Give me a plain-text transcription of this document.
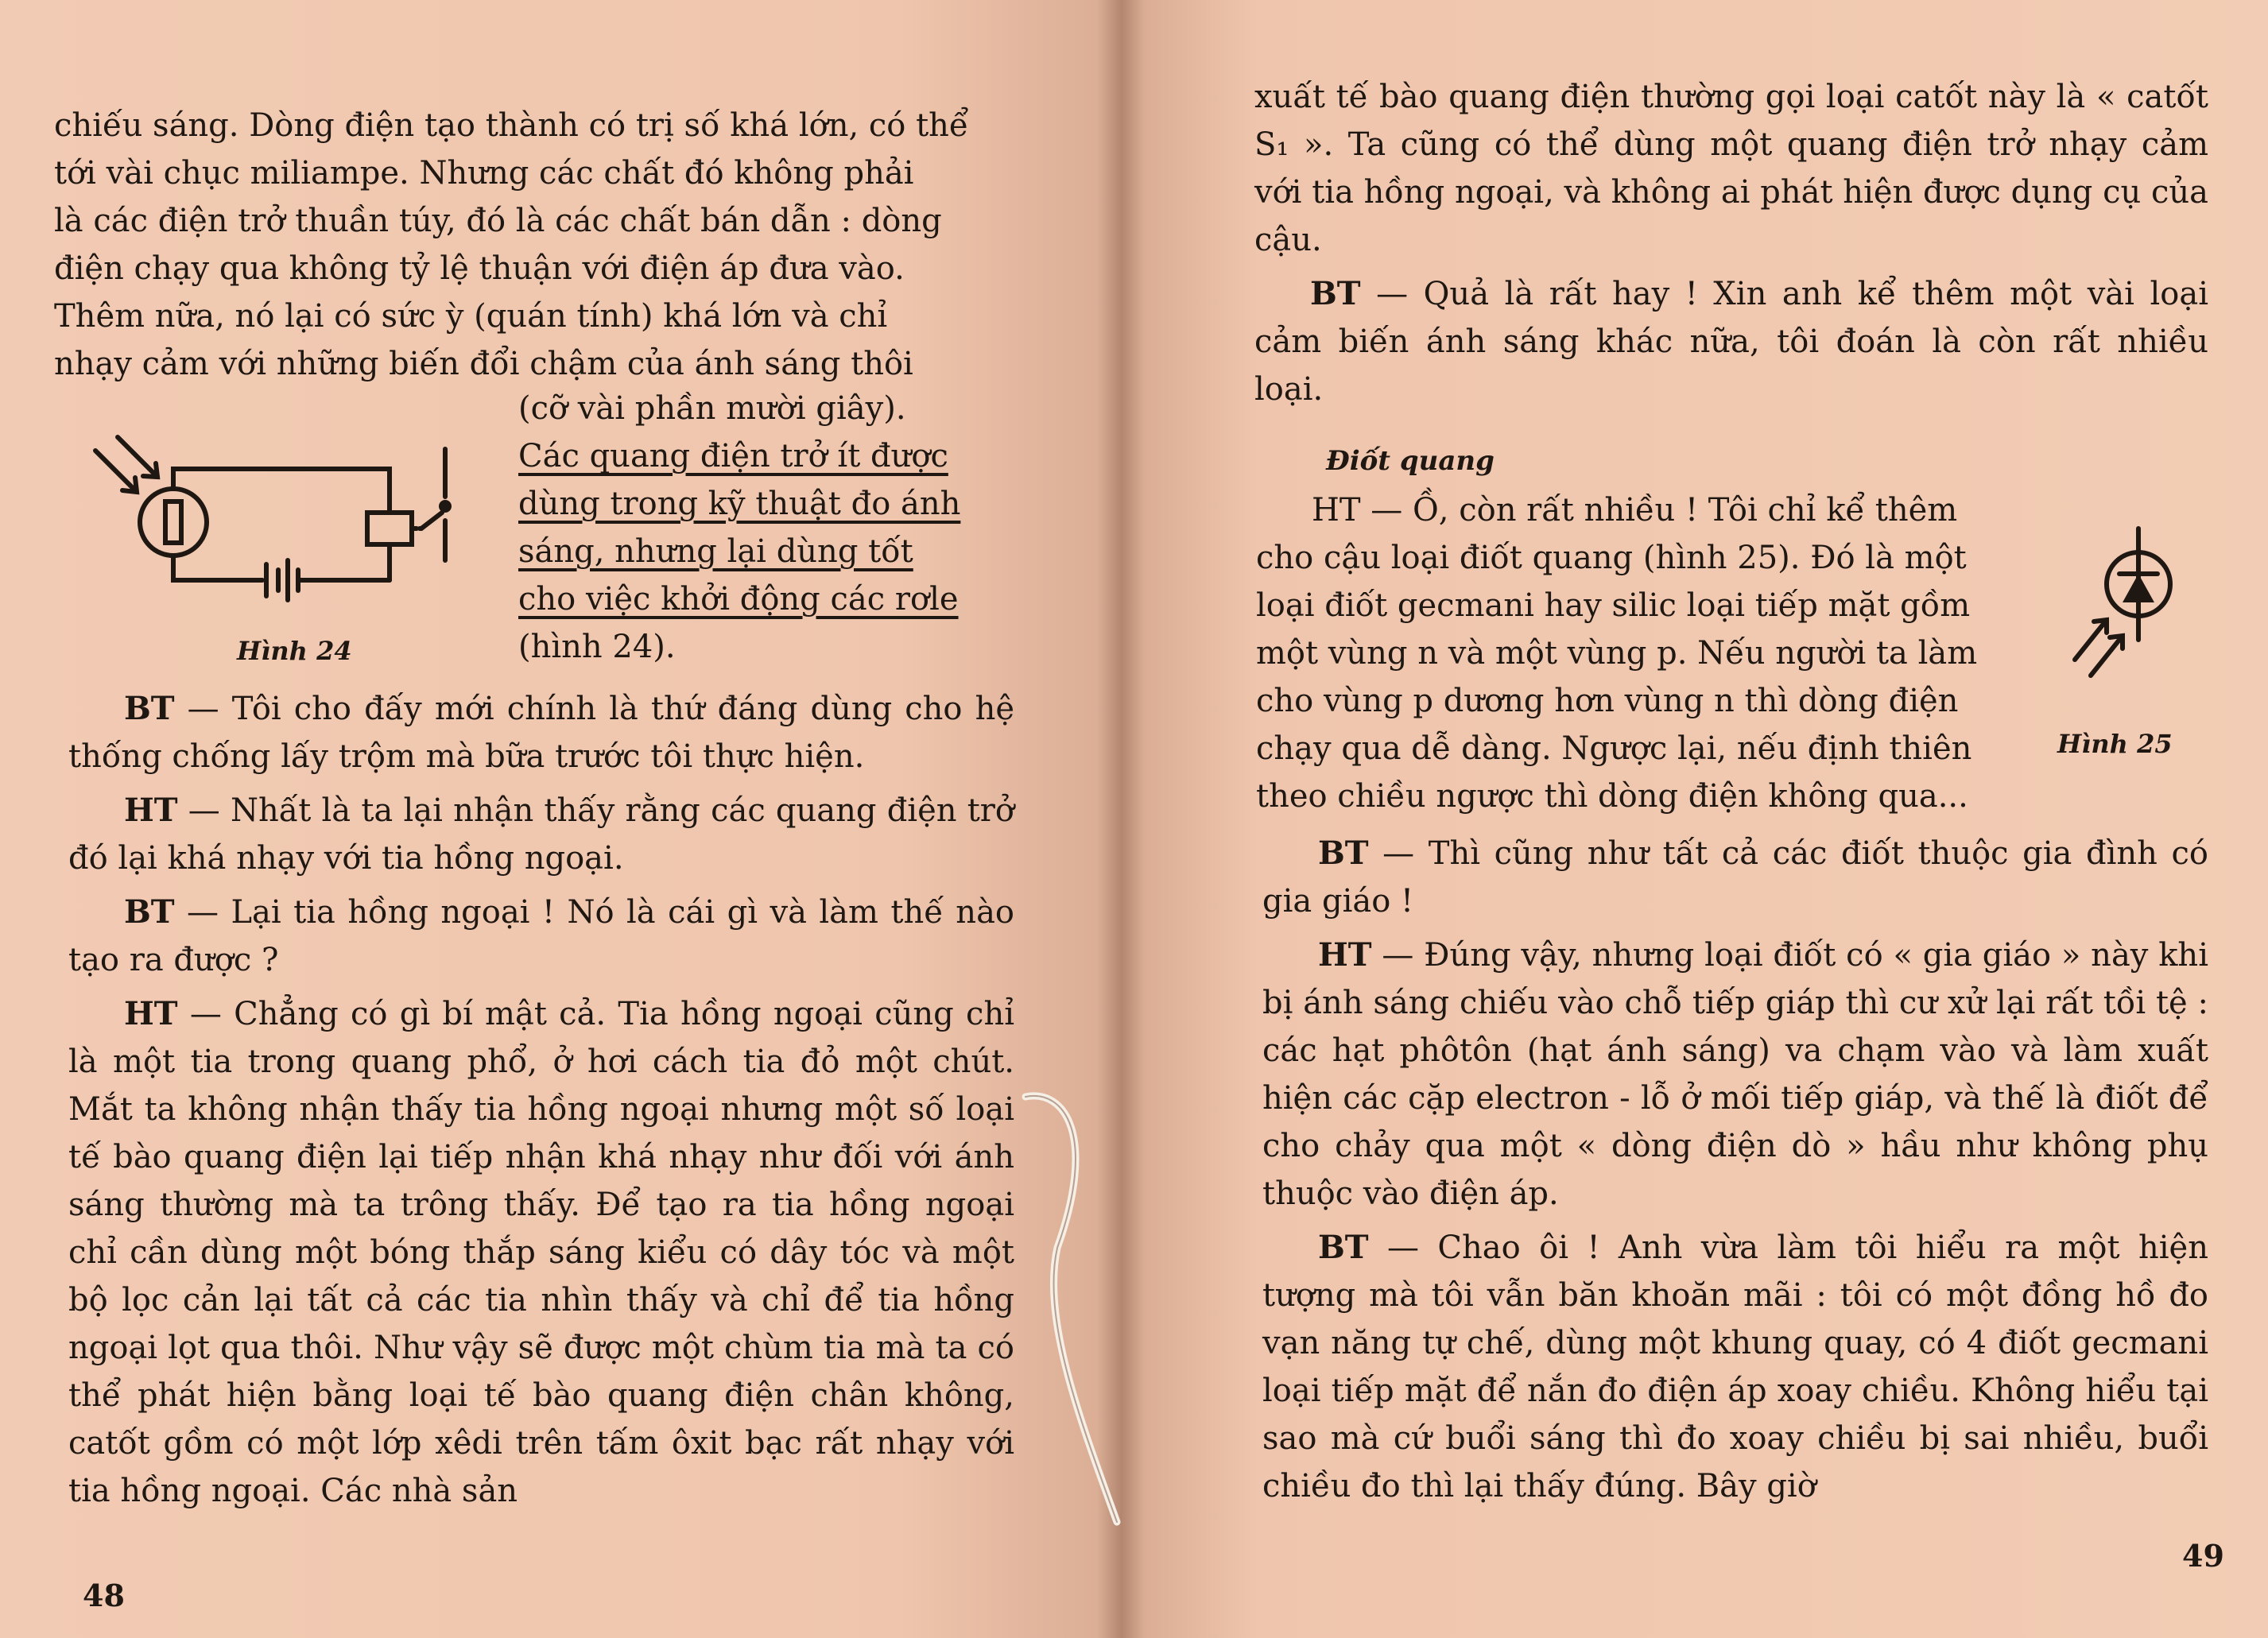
chiếu sáng. Dòng điện tạo thành có trị số khá lớn, có thể

tới vài chục miliampe. Nhưng các chất đó không phải

là các điện trở thuần túy, đó là các chất bán dẫn : dòng

điện chạy qua không tỷ lệ thuận với điện áp đưa vào.

Thêm nữa, nó lại có sức ỳ (quán tính) khá lớn và chỉ

nhạy cảm với những biến đổi chậm của ánh sáng thôi

Hình 24

(cỡ vài phần mười giây).

Các quang điện trở ít được

dùng trong kỹ thuật đo ánh

sáng, nhưng lại dùng tốt

cho việc khởi động các rơle

(hình 24).

BT — Tôi cho đấy mới chính là thứ đáng dùng cho hệ thống chống lấy trộm mà bữa trước tôi thực hiện.

HT — Nhất là ta lại nhận thấy rằng các quang điện trở đó lại khá nhạy với tia hồng ngoại.

BT — Lại tia hồng ngoại ! Nó là cái gì và làm thế nào tạo ra được ?

HT — Chẳng có gì bí mật cả. Tia hồng ngoại cũng chỉ là một tia trong quang phổ, ở hơi cách tia đỏ một chút. Mắt ta không nhận thấy tia hồng ngoại nhưng một số loại tế bào quang điện lại tiếp nhận khá nhạy như đối với ánh sáng thường mà ta trông thấy. Để tạo ra tia hồng ngoại chỉ cần dùng một bóng thắp sáng kiểu có dây tóc và một bộ lọc cản lại tất cả các tia nhìn thấy và chỉ để tia hồng ngoại lọt qua thôi. Như vậy sẽ được một chùm tia mà ta có thể phát hiện bằng loại tế bào quang điện chân không, catốt gồm có một lớp xêdi trên tấm ôxit bạc rất nhạy với tia hồng ngoại. Các nhà sản

48

xuất tế bào quang điện thường gọi loại catốt này là « catốt S₁ ». Ta cũng có thể dùng một quang điện trở nhạy cảm với tia hồng ngoại, và không ai phát hiện được dụng cụ của cậu.

BT — Quả là rất hay ! Xin anh kể thêm một vài loại cảm biến ánh sáng khác nữa, tôi đoán là còn rất nhiều loại.

Điốt quang

HT — Ồ, còn rất nhiều ! Tôi chỉ kể thêm

cho cậu loại điốt quang (hình 25). Đó là một

loại điốt gecmani hay silic loại tiếp mặt gồm

một vùng n và một vùng p. Nếu người ta làm

cho vùng p dương hơn vùng n thì dòng điện

chạy qua dễ dàng. Ngược lại, nếu định thiên

theo chiều ngược thì dòng điện không qua...

Hình 25

BT — Thì cũng như tất cả các điốt thuộc gia đình có gia giáo !

HT — Đúng vậy, nhưng loại điốt có « gia giáo » này khi bị ánh sáng chiếu vào chỗ tiếp giáp thì cư xử lại rất tồi tệ : các hạt phôtôn (hạt ánh sáng) va chạm vào và làm xuất hiện các cặp electron - lỗ ở mối tiếp giáp, và thế là điốt để cho chảy qua một « dòng điện dò » hầu như không phụ thuộc vào điện áp.

BT — Chao ôi ! Anh vừa làm tôi hiểu ra một hiện tượng mà tôi vẫn băn khoăn mãi : tôi có một đồng hồ đo vạn năng tự chế, dùng một khung quay, có 4 điốt gecmani loại tiếp mặt để nắn đo điện áp xoay chiều. Không hiểu tại sao mà cứ buổi sáng thì đo xoay chiều bị sai nhiều, buổi chiều đo thì lại thấy đúng. Bây giờ

49
